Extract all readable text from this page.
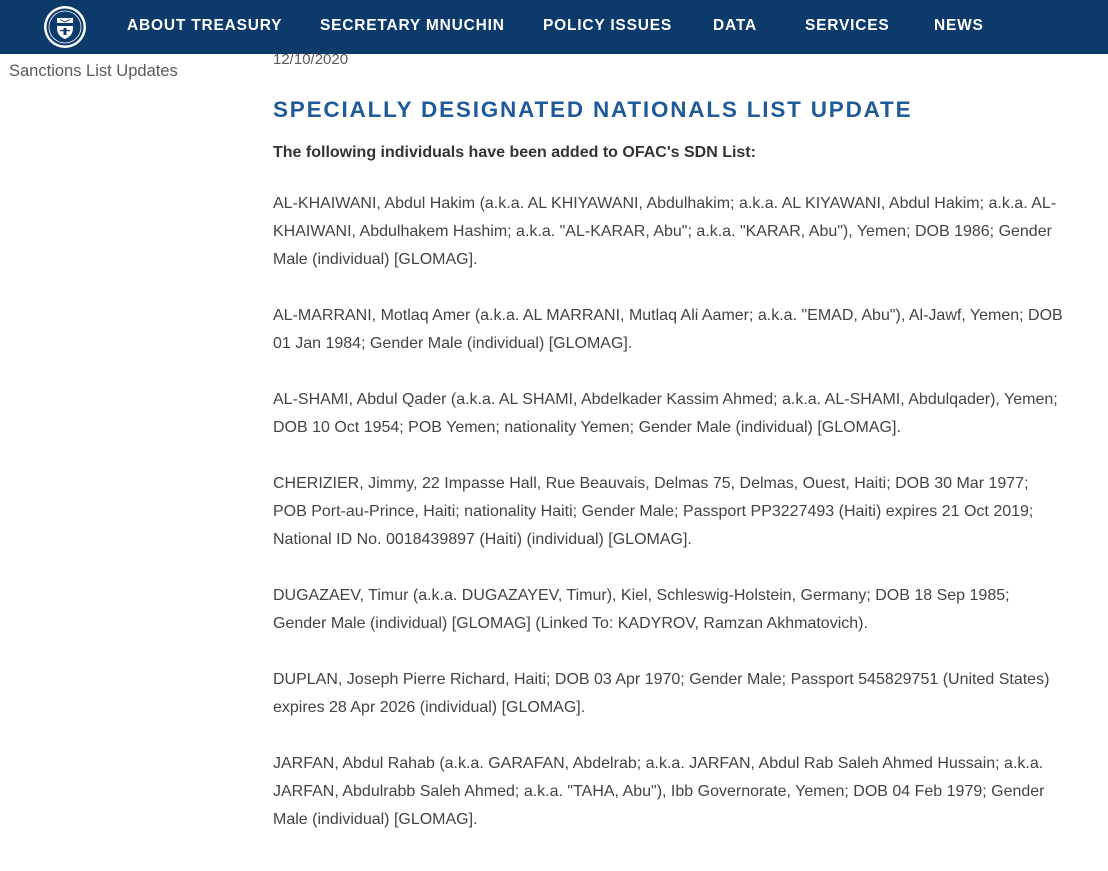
ABOUT TREASURY SECRETARY MNUCHIN POLICY ISSUES	DATA	SERVICES	NEWS
Sanctions List Updates
12/10/2020
SPECIALLY DESIGNATED NATIONALS LIST UPDATE

The following individuals have been added to OFAC's SDN List:

AL-KHAIWANI, Abdul Hakim (a.k.a. AL KHIYAWANI, Abdulhakim; a.k.a. AL KIYAWANI, Abdul Hakim; a.k.a. AL-KHAIWANI, Abdulhakem Hashim; a.k.a. "AL-KARAR, Abu"; a.k.a. "KARAR, Abu"), Yemen; DOB 1986; Gender Male (individual) [GLOMAG].

AL-MARRANI, Motlaq Amer (a.k.a. AL MARRANI, Mutlaq Ali Aamer; a.k.a. "EMAD, Abu"), Al-Jawf, Yemen; DOB 01 Jan 1984; Gender Male (individual) [GLOMAG].

AL-SHAMI, Abdul Qader (a.k.a. AL SHAMI, Abdelkader Kassim Ahmed; a.k.a. AL-SHAMI, Abdulqader), Yemen; DOB 10 Oct 1954; POB Yemen; nationality Yemen; Gender Male (individual) [GLOMAG].

CHERIZIER, Jimmy, 22 Impasse Hall, Rue Beauvais, Delmas 75, Delmas, Ouest, Haiti; DOB 30 Mar 1977; POB Port-au-Prince, Haiti; nationality Haiti; Gender Male; Passport PP3227493 (Haiti) expires 21 Oct 2019; National ID No. 0018439897 (Haiti) (individual) [GLOMAG].

DUGAZAEV, Timur (a.k.a. DUGAZAYEV, Timur), Kiel, Schleswig-Holstein, Germany; DOB 18 Sep 1985; Gender Male (individual) [GLOMAG] (Linked To: KADYROV, Ramzan Akhmatovich).

DUPLAN, Joseph Pierre Richard, Haiti; DOB 03 Apr 1970; Gender Male; Passport 545829751 (United States) expires 28 Apr 2026 (individual) [GLOMAG].

JARFAN, Abdul Rahab (a.k.a. GARAFAN, Abdelrab; a.k.a. JARFAN, Abdul Rab Saleh Ahmed Hussain; a.k.a. JARFAN, Abdulrabb Saleh Ahmed; a.k.a. "TAHA, Abu"), Ibb Governorate, Yemen; DOB 04 Feb 1979; Gender Male (individual) [GLOMAG].
